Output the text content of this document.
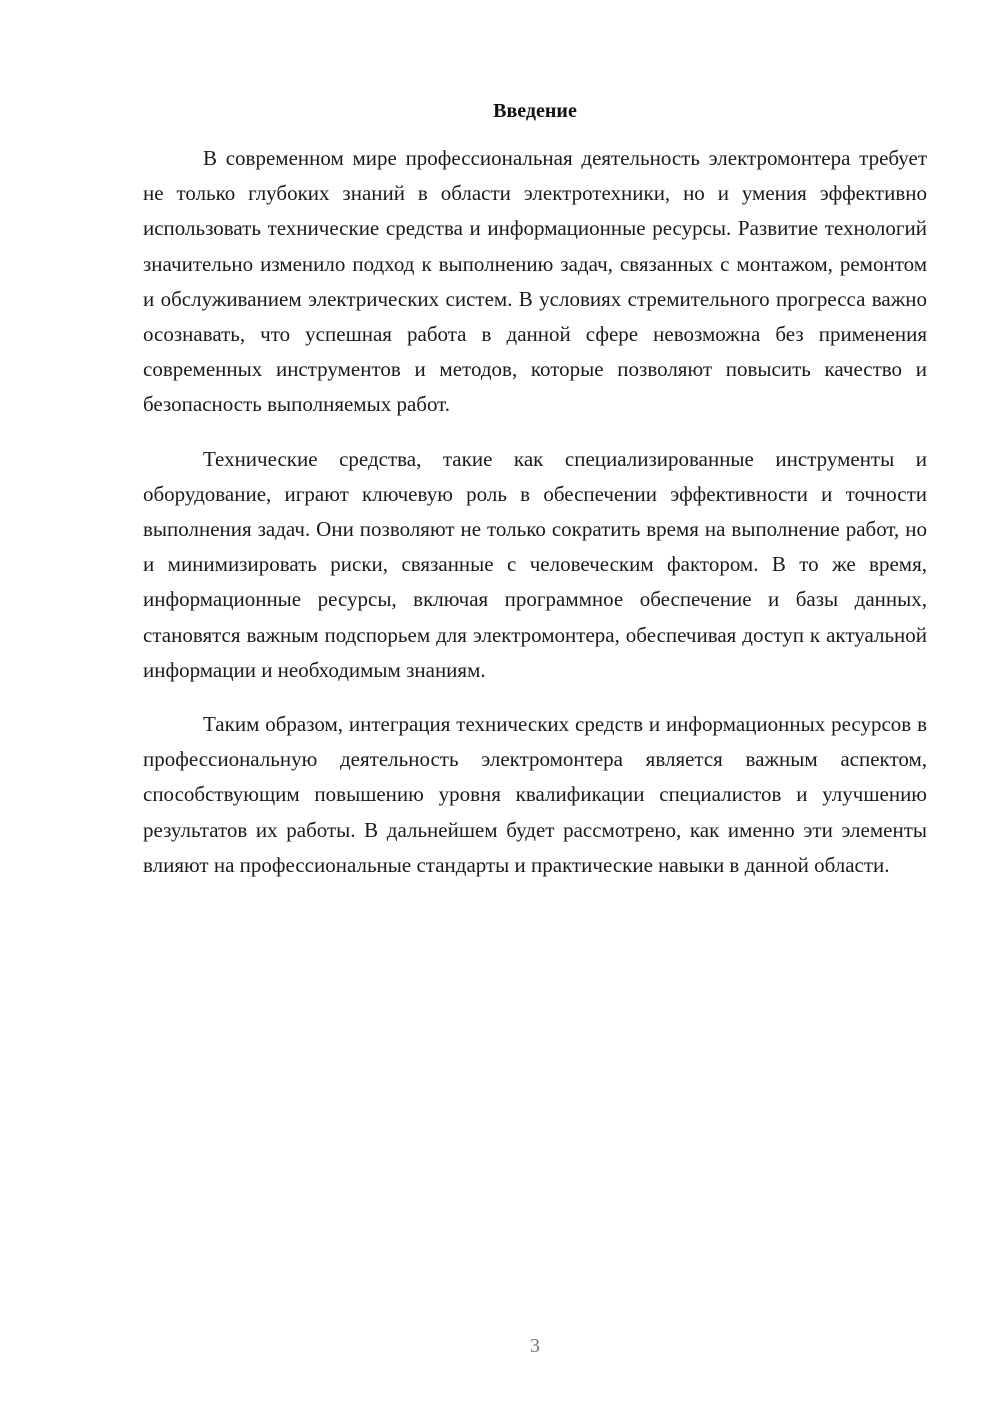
Введение

В современном мире профессиональная деятельность электромонтера требует не только глубоких знаний в области электротехники, но и умения эффективно использовать технические средства и информационные ресурсы. Развитие технологий значительно изменило подход к выполнению задач, связанных с монтажом, ремонтом и обслуживанием электрических систем. В условиях стремительного прогресса важно осознавать, что успешная работа в данной сфере невозможна без применения современных инструментов и методов, которые позволяют повысить качество и безопасность выполняемых работ.

Технические средства, такие как специализированные инструменты и оборудование, играют ключевую роль в обеспечении эффективности и точности выполнения задач. Они позволяют не только сократить время на выполнение работ, но и минимизировать риски, связанные с человеческим фактором. В то же время, информационные ресурсы, включая программное обеспечение и базы данных, становятся важным подспорьем для электромонтера, обеспечивая доступ к актуальной информации и необходимым знаниям.

Таким образом, интеграция технических средств и информационных ресурсов в профессиональную деятельность электромонтера является важным аспектом, способствующим повышению уровня квалификации специалистов и улучшению результатов их работы. В дальнейшем будет рассмотрено, как именно эти элементы влияют на профессиональные стандарты и практические навыки в данной области.

3
